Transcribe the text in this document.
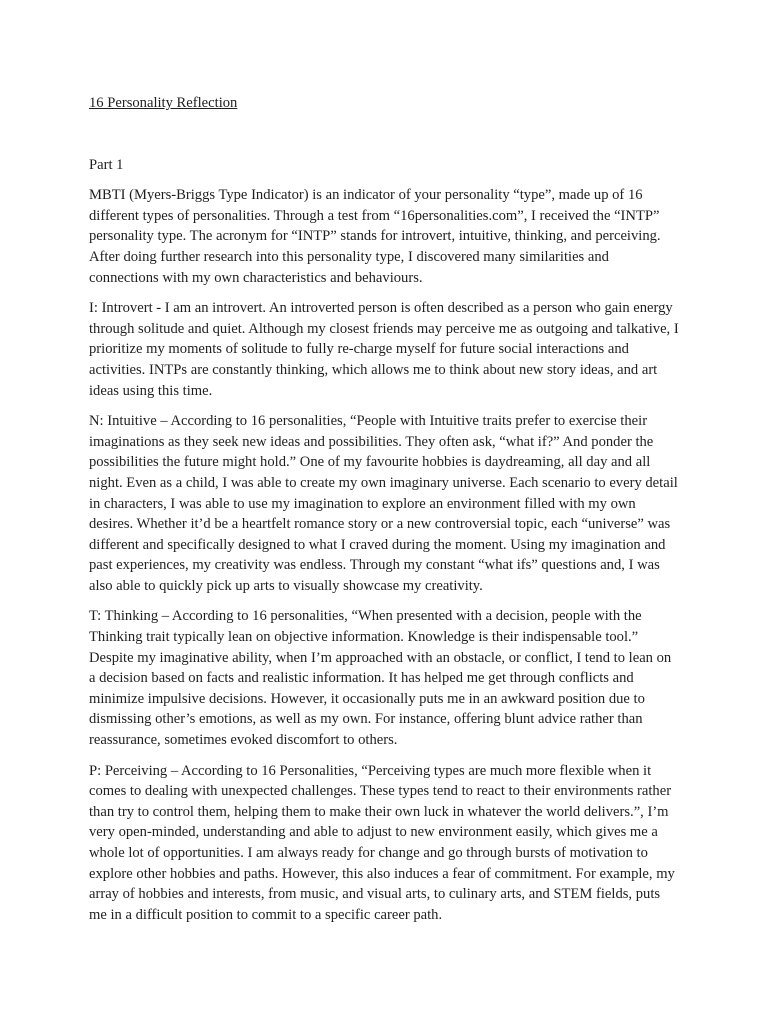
16 Personality Reflection

Part 1

MBTI (Myers-Briggs Type Indicator) is an indicator of your personality “type”, made up of 16 different types of personalities. Through a test from “16personalities.com”, I received the “INTP” personality type. The acronym for “INTP” stands for introvert, intuitive, thinking, and perceiving. After doing further research into this personality type, I discovered many similarities and connections with my own characteristics and behaviours.

I: Introvert - I am an introvert. An introverted person is often described as a person who gain energy through solitude and quiet. Although my closest friends may perceive me as outgoing and talkative, I prioritize my moments of solitude to fully re-charge myself for future social interactions and activities. INTPs are constantly thinking, which allows me to think about new story ideas, and art ideas using this time.

N: Intuitive – According to 16 personalities, “People with Intuitive traits prefer to exercise their imaginations as they seek new ideas and possibilities. They often ask, “what if?” And ponder the possibilities the future might hold.” One of my favourite hobbies is daydreaming, all day and all night. Even as a child, I was able to create my own imaginary universe. Each scenario to every detail in characters, I was able to use my imagination to explore an environment filled with my own desires. Whether it’d be a heartfelt romance story or a new controversial topic, each “universe” was different and specifically designed to what I craved during the moment. Using my imagination and past experiences, my creativity was endless. Through my constant “what ifs” questions and, I was also able to quickly pick up arts to visually showcase my creativity.

T: Thinking – According to 16 personalities, “When presented with a decision, people with the Thinking trait typically lean on objective information. Knowledge is their indispensable tool.” Despite my imaginative ability, when I’m approached with an obstacle, or conflict, I tend to lean on a decision based on facts and realistic information. It has helped me get through conflicts and minimize impulsive decisions. However, it occasionally puts me in an awkward position due to dismissing other’s emotions, as well as my own. For instance, offering blunt advice rather than reassurance, sometimes evoked discomfort to others.

P: Perceiving – According to 16 Personalities, “Perceiving types are much more flexible when it comes to dealing with unexpected challenges. These types tend to react to their environments rather than try to control them, helping them to make their own luck in whatever the world delivers.”, I’m very open-minded, understanding and able to adjust to new environment easily, which gives me a whole lot of opportunities. I am always ready for change and go through bursts of motivation to explore other hobbies and paths. However, this also induces a fear of commitment. For example, my array of hobbies and interests, from music, and visual arts, to culinary arts, and STEM fields, puts me in a difficult position to commit to a specific career path.
